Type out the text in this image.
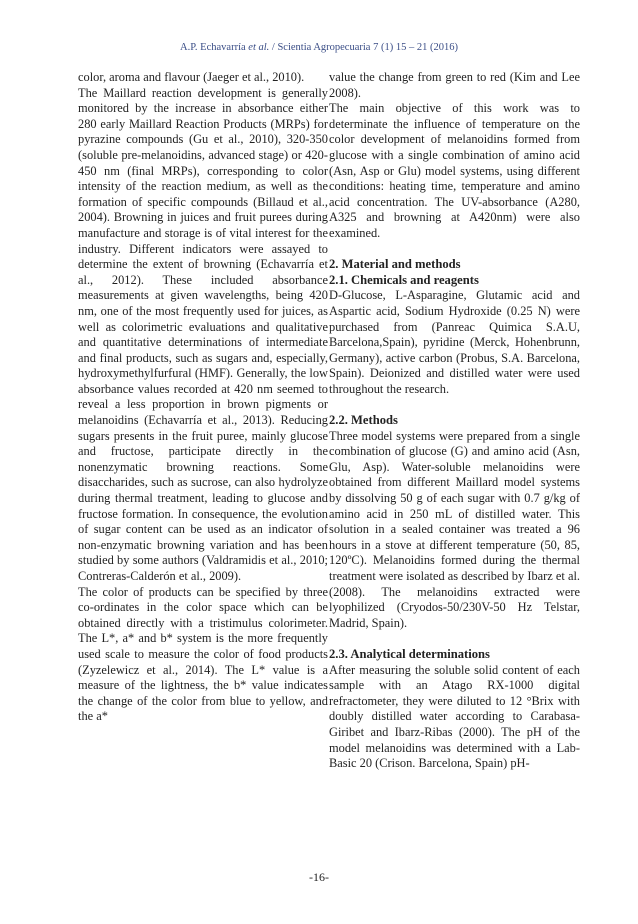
A.P. Echavarría et al. / Scientia Agropecuaria 7 (1) 15 – 21 (2016)

color, aroma and flavour (Jaeger et al., 2010).

The Maillard reaction development is generally monitored by the increase in absorbance either 280 early Maillard Reaction Products (MRPs) for pyrazine compounds (Gu et al., 2010), 320-350 (soluble pre-melanoidins, advanced stage) or 420-450 nm (final MRPs), corresponding to color intensity of the reaction medium, as well as the formation of specific compounds (Billaud et al., 2004). Browning in juices and fruit purees during manufacture and storage is of vital interest for the industry. Different indicators were assayed to determine the extent of browning (Echavarría et al., 2012). These included absorbance measurements at given wavelengths, being 420 nm, one of the most frequently used for juices, as well as colorimetric evaluations and qualitative and quantitative determinations of intermediate and final products, such as sugars and, especially, hydroxymethylfurfural (HMF). Generally, the low absorbance values recorded at 420 nm seemed to reveal a less proportion in brown pigments or melanoidins (Echavarría et al., 2013). Reducing sugars presents in the fruit puree, mainly glucose and fructose, participate directly in the nonenzymatic browning reactions. Some disaccharides, such as sucrose, can also hydrolyze during thermal treatment, leading to glucose and fructose formation. In consequence, the evolution of sugar content can be used as an indicator of non-enzymatic browning variation and has been studied by some authors (Valdramidis et al., 2010; Contreras-Calderón et al., 2009).

The color of products can be specified by three co-ordinates in the color space which can be obtained directly with a tristimulus colorimeter. The L*, a* and b* system is the more frequently used scale to measure the color of food products (Zyzelewicz et al., 2014). The L* value is a measure of the lightness, the b* value indicates the change of the color from blue to yellow, and the a*

value the change from green to red (Kim and Lee 2008).

The main objective of this work was to determinate the influence of temperature on the color development of melanoidins formed from glucose with a single combination of amino acid (Asn, Asp or Glu) model systems, using different conditions: heating time, temperature and amino acid concentration. The UV-absorbance (A280, A325 and browning at A420nm) were also examined.

2. Material and methods
2.1. Chemicals and reagents

D-Glucose, L-Asparagine, Glutamic acid and Aspartic acid, Sodium Hydroxide (0.25 N) were purchased from (Panreac Quimica S.A.U, Barcelona,Spain), pyridine (Merck, Hohenbrunn, Germany), active carbon (Probus, S.A. Barcelona, Spain). Deionized and distilled water were used throughout the research.

2.2. Methods

Three model systems were prepared from a single combination of glucose (G) and amino acid (Asn, Glu, Asp). Water-soluble melanoidins were obtained from different Maillard model systems by dissolving 50 g of each sugar with 0.7 g/kg of amino acid in 250 mL of distilled water. This solution in a sealed container was treated a 96 hours in a stove at different temperature (50, 85, 120ºC). Melanoidins formed during the thermal treatment were isolated as described by Ibarz et al. (2008). The melanoidins extracted were lyophilized (Cryodos-50/230V-50 Hz Telstar, Madrid, Spain).

2.3. Analytical determinations

After measuring the soluble solid content of each sample with an Atago RX-1000 digital refractometer, they were diluted to 12 °Brix with doubly distilled water according to Carabasa-Giribet and Ibarz-Ribas (2000). The pH of the model melanoidins was determined with a Lab-Basic 20 (Crison. Barcelona, Spain) pH-

-16-
